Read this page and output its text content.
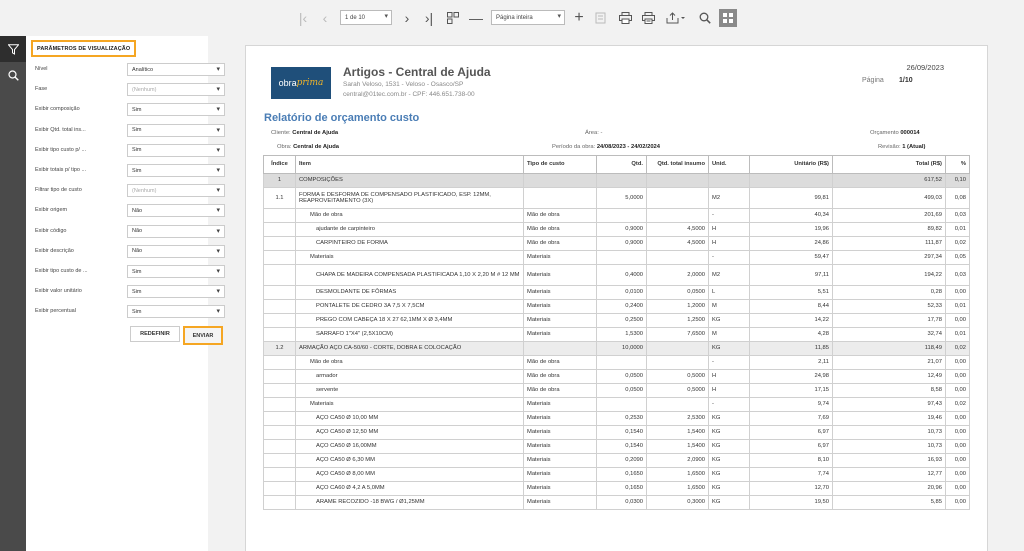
|‹	‹	1 de 10 ▾	›	›|	—	Página inteira ▾	+
PARÂMETROS DE VISUALIZAÇÃO
Nível	Analítico ▾
Fase	(Nenhum) ▾
Exibir composição	Sim ▾
Exibir Qtd. total ins...	Sim ▾
Exibir tipo custo p/ ...	Sim ▾
Exibir totais p/ tipo ...	Sim ▾
Filtrar tipo de custo	(Nenhum) ▾
Exibir origem	Não ▾
Exibir código	Não ▾
Exibir descrição	Não ▾
Exibir tipo custo de ...	Sim ▾
Exibir valor unitário	Sim ▾
Exibir percentual	Sim ▾
REDEFINIR	ENVIAR
obra prima
Artigos - Central de Ajuda
Sarah Veloso, 1531 - Veloso - Osasco/SP
central@01tec.com.br - CPF: 446.651.738-00
26/09/2023
Página 1/10
Relatório de orçamento custo
Cliente: Central de Ajuda	Área: -	Orçamento 000014
Obra: Central de Ajuda	Período da obra: 24/08/2023 - 24/02/2024	Revisão: 1 (Atual)
Índice	Item	Tipo de custo	Qtd.	Qtd. total insumo	Unid.	Unitário (R$)	Total (R$)	%
1	COMPOSIÇÕES						617,52	0,10
1.1	FORMA E DESFORMA DE COMPENSADO PLASTIFICADO, ESP. 12MM, REAPROVEITAMENTO (3X)		5,0000		M2	99,81	499,03	0,08
	Mão de obra	Mão de obra			-	40,34	201,69	0,03
	ajudante de carpinteiro	Mão de obra	0,9000	4,5000	H	19,96	89,82	0,01
	CARPINTEIRO DE FORMA	Mão de obra	0,9000	4,5000	H	24,86	111,87	0,02
	Materiais	Materiais			-	59,47	297,34	0,05
	CHAPA DE MADEIRA COMPENSADA PLASTIFICADA 1,10 X 2,20 M # 12 MM	Materiais	0,4000	2,0000	M2	97,11	194,22	0,03
	DESMOLDANTE DE FÔRMAS	Materiais	0,0100	0,0500	L	5,51	0,28	0,00
	PONTALETE DE CEDRO 3A 7,5 X 7,5CM	Materiais	0,2400	1,2000	M	8,44	52,33	0,01
	PREGO COM CABEÇA 18 X 27 62,1MM X Ø 3,4MM	Materiais	0,2500	1,2500	KG	14,22	17,78	0,00
	SARRAFO 1"X4" (2,5X10CM)	Materiais	1,5300	7,6500	M	4,28	32,74	0,01
1.2	ARMAÇÃO AÇO CA-50/60 - CORTE, DOBRA E COLOCAÇÃO		10,0000		KG	11,85	118,49	0,02
	Mão de obra	Mão de obra			-	2,11	21,07	0,00
	armador	Mão de obra	0,0500	0,5000	H	24,98	12,49	0,00
	servente	Mão de obra	0,0500	0,5000	H	17,15	8,58	0,00
	Materiais	Materiais			-	9,74	97,43	0,02
	AÇO CA50 Ø 10,00 MM	Materiais	0,2530	2,5300	KG	7,69	19,46	0,00
	AÇO CA50 Ø 12,50 MM	Materiais	0,1540	1,5400	KG	6,97	10,73	0,00
	AÇO CA50 Ø 16,00MM	Materiais	0,1540	1,5400	KG	6,97	10,73	0,00
	AÇO CA50 Ø 6,30 MM	Materiais	0,2090	2,0900	KG	8,10	16,93	0,00
	AÇO CA50 Ø 8,00 MM	Materiais	0,1650	1,6500	KG	7,74	12,77	0,00
	AÇO CA60 Ø 4,2 A 5,0MM	Materiais	0,1650	1,6500	KG	12,70	20,96	0,00
	ARAME RECOZIDO -18 BWG / Ø1,25MM	Materiais	0,0300	0,3000	KG	19,50	5,85	0,00
